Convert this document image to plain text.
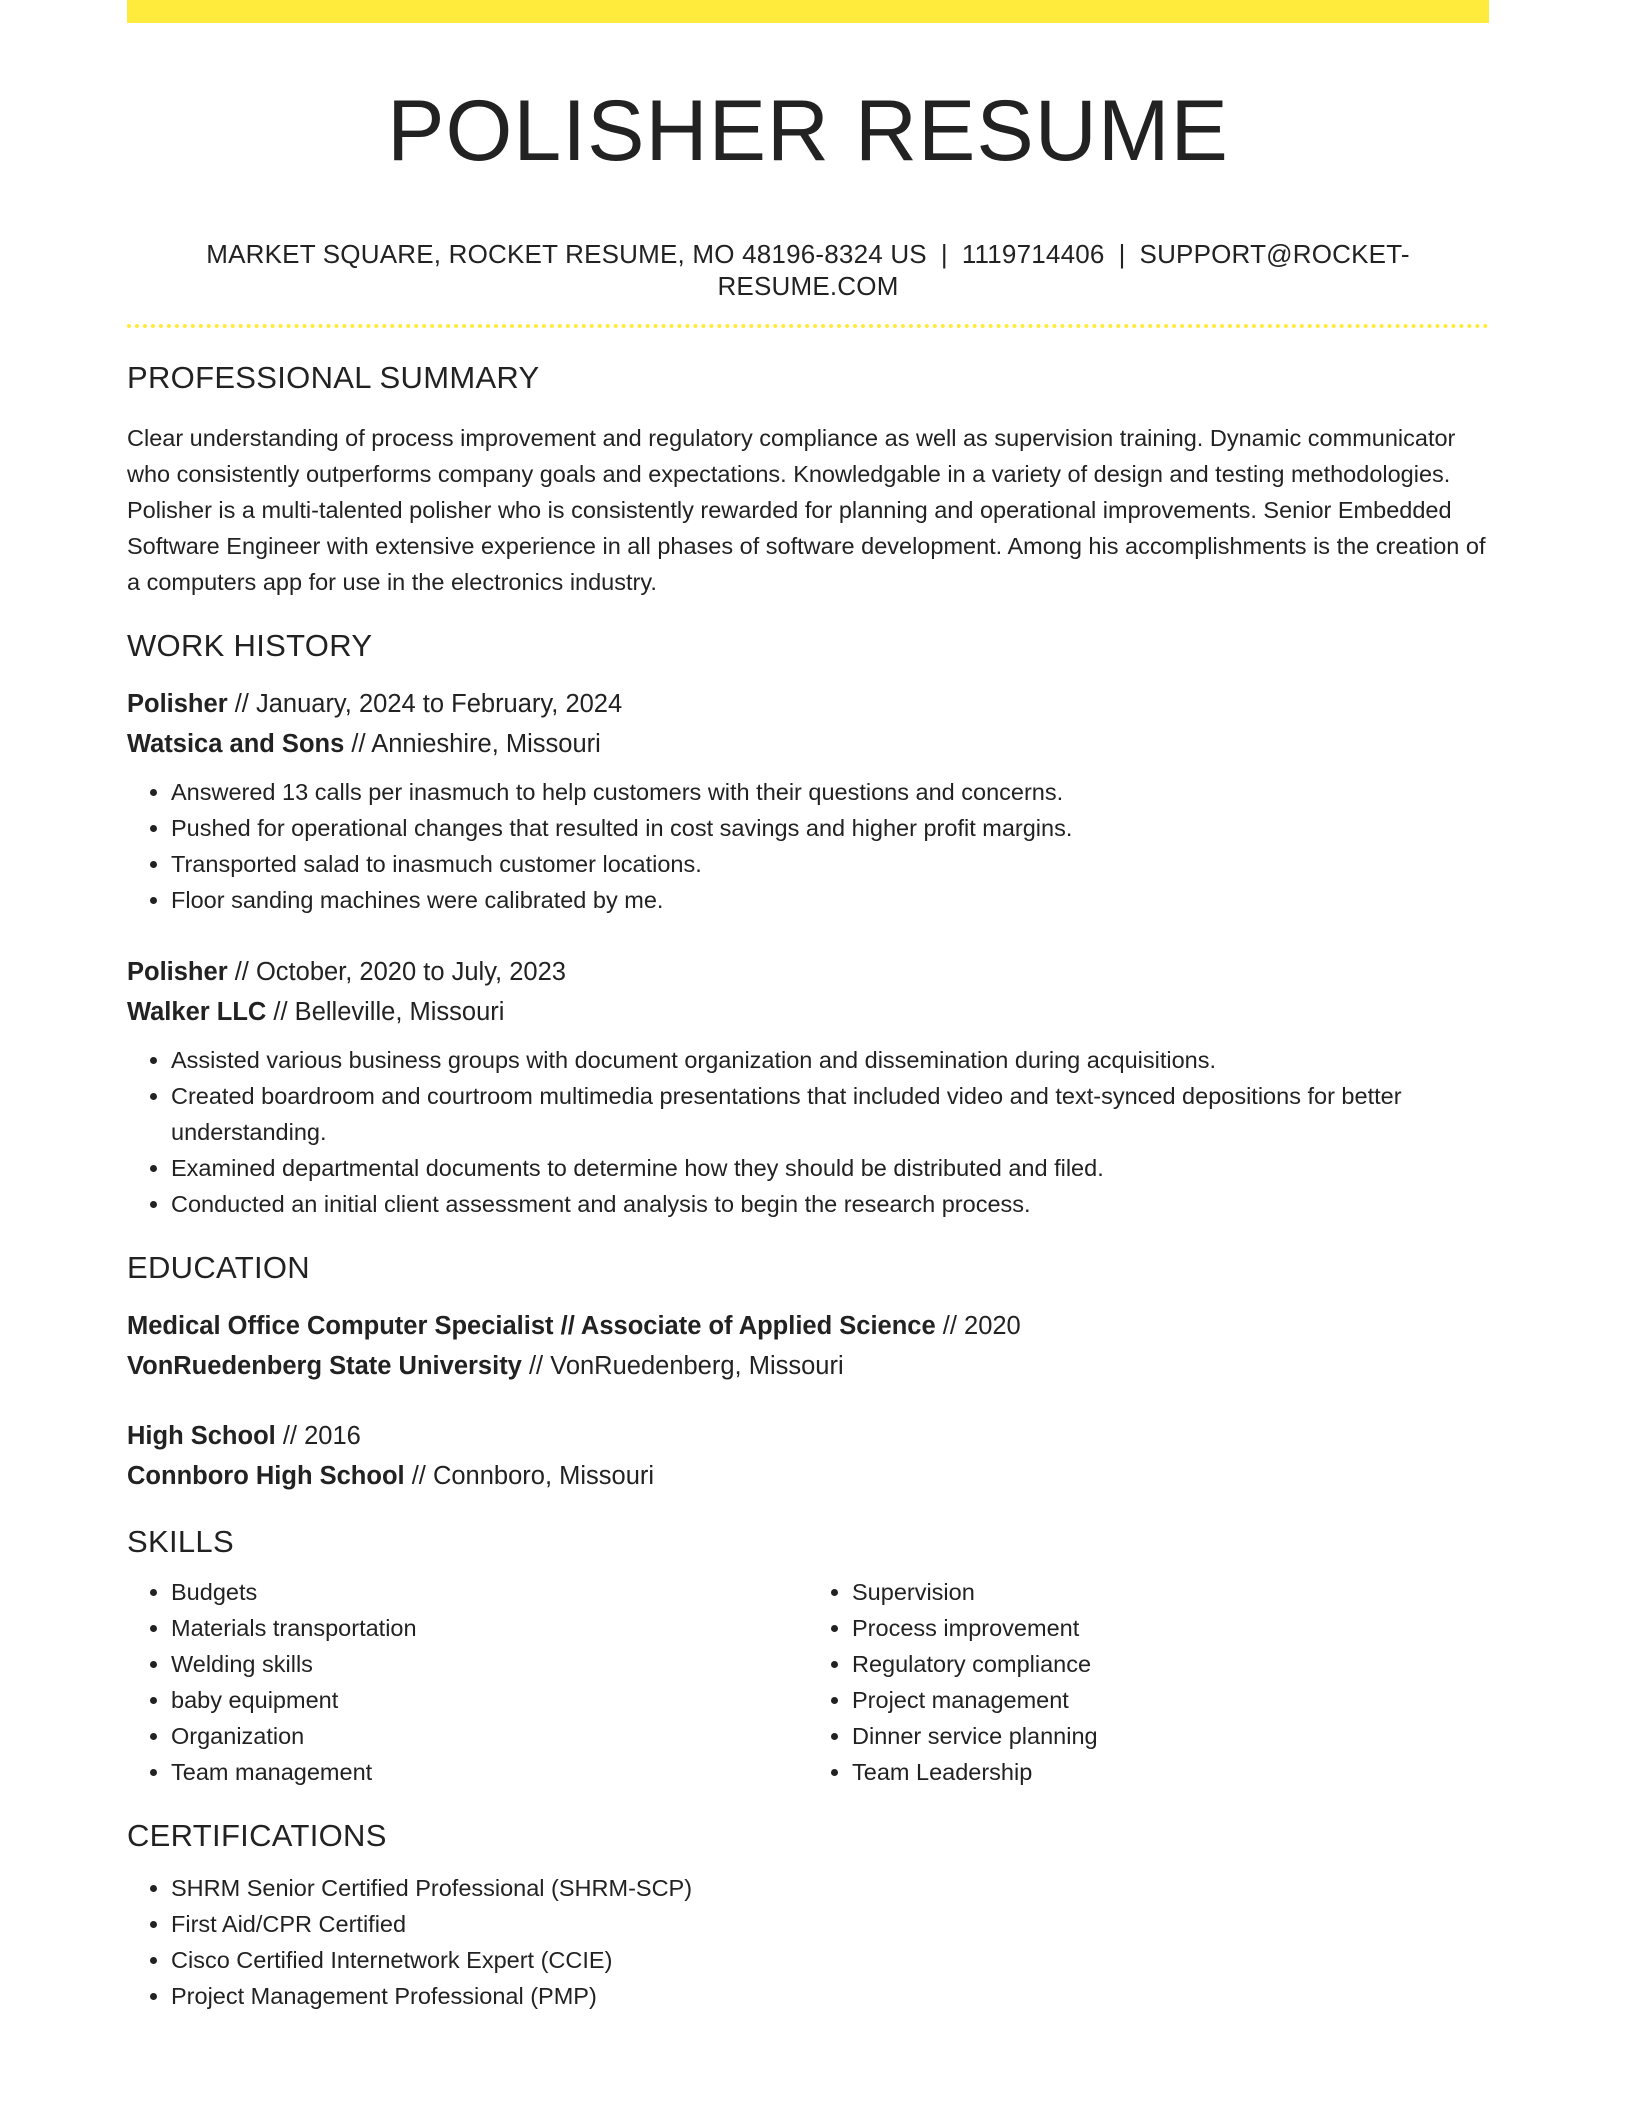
POLISHER RESUME
MARKET SQUARE, ROCKET RESUME, MO 48196-8324 US | 1119714406 | SUPPORT@ROCKET-RESUME.COM
PROFESSIONAL SUMMARY
Clear understanding of process improvement and regulatory compliance as well as supervision training. Dynamic communicator who consistently outperforms company goals and expectations. Knowledgable in a variety of design and testing methodologies. Polisher is a multi-talented polisher who is consistently rewarded for planning and operational improvements. Senior Embedded Software Engineer with extensive experience in all phases of software development. Among his accomplishments is the creation of a computers app for use in the electronics industry.
WORK HISTORY
Polisher // January, 2024 to February, 2024
Watsica and Sons // Annieshire, Missouri
• Answered 13 calls per inasmuch to help customers with their questions and concerns.
• Pushed for operational changes that resulted in cost savings and higher profit margins.
• Transported salad to inasmuch customer locations.
• Floor sanding machines were calibrated by me.
Polisher // October, 2020 to July, 2023
Walker LLC // Belleville, Missouri
• Assisted various business groups with document organization and dissemination during acquisitions.
• Created boardroom and courtroom multimedia presentations that included video and text-synced depositions for better understanding.
• Examined departmental documents to determine how they should be distributed and filed.
• Conducted an initial client assessment and analysis to begin the research process.
EDUCATION
Medical Office Computer Specialist // Associate of Applied Science // 2020
VonRuedenberg State University // VonRuedenberg, Missouri
High School // 2016
Connboro High School // Connboro, Missouri
SKILLS
• Budgets
• Materials transportation
• Welding skills
• baby equipment
• Organization
• Team management
• Supervision
• Process improvement
• Regulatory compliance
• Project management
• Dinner service planning
• Team Leadership
CERTIFICATIONS
• SHRM Senior Certified Professional (SHRM-SCP)
• First Aid/CPR Certified
• Cisco Certified Internetwork Expert (CCIE)
• Project Management Professional (PMP)
